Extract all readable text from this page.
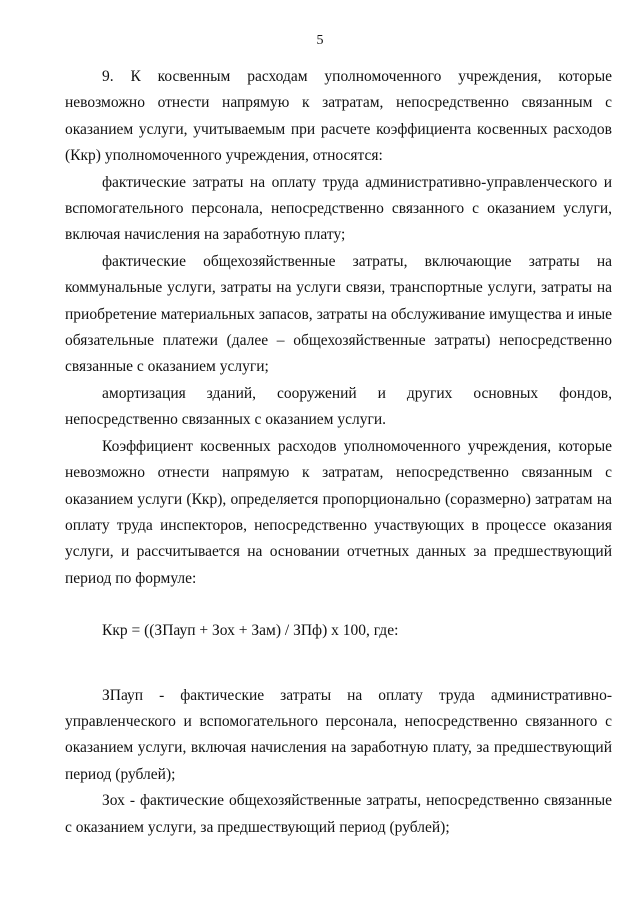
5

9. К косвенным расходам уполномоченного учреждения, которые невозможно отнести напрямую к затратам, непосредственно связанным с оказанием услуги, учитываемым при расчете коэффициента косвенных расходов (Ккр) уполномоченного учреждения, относятся:

фактические затраты на оплату труда административно-управленческого и вспомогательного персонала, непосредственно связанного с оказанием услуги, включая начисления на заработную плату;

фактические общехозяйственные затраты, включающие затраты на коммунальные услуги, затраты на услуги связи, транспортные услуги, затраты на приобретение материальных запасов, затраты на обслуживание имущества и иные обязательные платежи (далее – общехозяйственные затраты) непосредственно связанные с оказанием услуги;

амортизация зданий, сооружений и других основных фондов, непосредственно связанных с оказанием услуги.

Коэффициент косвенных расходов уполномоченного учреждения, которые невозможно отнести напрямую к затратам, непосредственно связанным с оказанием услуги (Ккр), определяется пропорционально (соразмерно) затратам на оплату труда инспекторов, непосредственно участвующих в процессе оказания услуги, и рассчитывается на основании отчетных данных за предшествующий период по формуле:

Ккр = ((ЗПауп + Зох + Зам) / ЗПф) х 100, где:

ЗПауп - фактические затраты на оплату труда административно-управленческого и вспомогательного персонала, непосредственно связанного с оказанием услуги, включая начисления на заработную плату, за предшествующий период (рублей);

Зох - фактические общехозяйственные затраты, непосредственно связанные с оказанием услуги, за предшествующий период (рублей);
